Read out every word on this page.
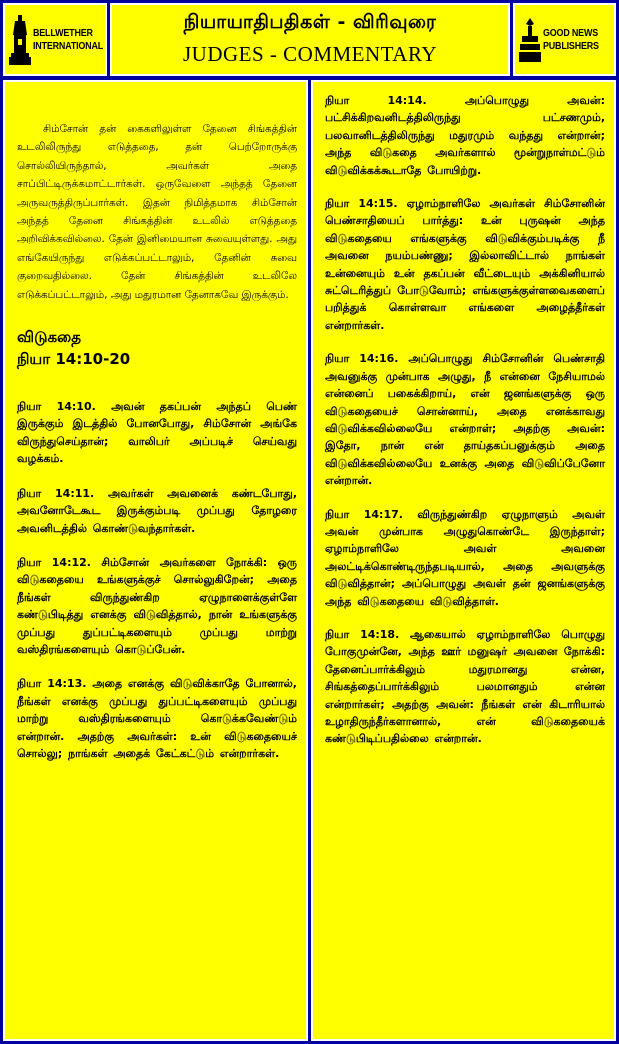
BELLWETHER
INTERNATIONAL
நியாயாதிபதிகள் - விரிவுரை
JUDGES - COMMENTARY
GOOD NEWS
PUBLISHERS

சிம்சோன் தன் கைகளிலுள்ள தேனை சிங்கத்தின் உடலிலிருந்து எடுத்ததை, தன் பெற்றோருக்கு சொல்லியிருந்தால், அவர்கள் அதை சாப்பிட்டிருக்கமாட்டார்கள். ஒருவேளை அந்தத் தேனை அருவருத்திருப்பார்கள். இதன் நிமித்தமாக சிம்சோன் அந்தத் தேனை சிங்கத்தின் உடலில் எடுத்ததை அறிவிக்கவில்லை. தேன் இனிமையான சுவையுள்ளது. அது எங்கேயிருந்து எடுக்கப்பட்டாலும், தேனின் சுவை குறைவதில்லை. தேன் சிங்கத்தின் உடலிலே எடுக்கப்பட்டாலும், அது மதுரமான தேனாகவே இருக்கும்.

விடுகதை
நியா 14:10-20

நியா 14:10. அவன் தகப்பன் அந்தப் பெண் இருக்கும் இடத்தில் போனபோது, சிம்சோன் அங்கே விருந்துசெய்தான்; வாலிபர் அப்படிச் செய்வது வழக்கம்.

நியா 14:11. அவர்கள் அவனைக் கண்டபோது, அவனோடேகூட இருக்கும்படி முப்பது தோழரை அவனிடத்தில் கொண்டுவந்தார்கள்.

நியா 14:12. சிம்சோன் அவர்களை நோக்கி: ஒரு விடுகதையை உங்களுக்குச் சொல்லுகிறேன்; அதை நீங்கள் விருந்துண்கிற ஏழுநாளைக்குள்ளே கண்டுபிடித்து எனக்கு விடுவித்தால், நான் உங்களுக்கு முப்பது துப்பட்டிகளையும் முப்பது மாற்று வஸ்திரங்களையும் கொடுப்பேன்.

நியா 14:13. அதை எனக்கு விடுவிக்காதே போனால், நீங்கள் எனக்கு முப்பது துப்பட்டிகளையும் முப்பது மாற்று வஸ்திரங்களையும் கொடுக்கவேண்டும் என்றான். அதற்கு அவர்கள்: உன் விடுகதையைச் சொல்லு; நாங்கள் அதைக் கேட்கட்டும் என்றார்கள்.

நியா 14:14. அப்பொழுது அவன்: பட்சிக்கிறவனிடத்திலிருந்து பட்சணமும், பலவானிடத்திலிருந்து மதுரமும் வந்தது என்றான்; அந்த விடுகதை அவர்களால் மூன்றுநாள்மட்டும் விடுவிக்கக்கூடாதே போயிற்று.

நியா 14:15. ஏழாம்நாளிலே அவர்கள் சிம்சோனின் பெண்சாதியைப் பார்த்து: உன் புருஷன் அந்த விடுகதையை எங்களுக்கு விடுவிக்கும்படிக்கு நீ அவனை நயம்பண்ணு; இல்லாவிட்டால் நாங்கள் உன்னையும் உன் தகப்பன் வீட்டையும் அக்கினியால் சுட்டெரித்துப் போடுவோம்; எங்களுக்குள்ளவைகளைப் பறித்துக் கொள்ளவா எங்களை அழைத்தீர்கள் என்றார்கள்.

நியா 14:16. அப்பொழுது சிம்சோனின் பெண்சாதி அவனுக்கு முன்பாக அழுது, நீ என்னை நேசியாமல் என்னைப் பகைக்கிறாய், என் ஜனங்களுக்கு ஒரு விடுகதையைச் சொன்னாய், அதை எனக்காவது விடுவிக்கவில்லையே என்றாள்; அதற்கு அவன்: இதோ, நான் என் தாய்தகப்பனுக்கும் அதை விடுவிக்கவில்லையே உனக்கு அதை விடுவிப்பேனோ என்றான்.

நியா 14:17. விருந்துண்கிற ஏழுநாளும் அவள் அவன் முன்பாக அழுதுகொண்டே இருந்தாள்; ஏழாம்நாளிலே அவள் அவனை அலட்டிக்கொண்டிருந்தபடியால், அதை அவளுக்கு விடுவித்தான்; அப்பொழுது அவள் தன் ஜனங்களுக்கு அந்த விடுகதையை விடுவித்தாள்.

நியா 14:18. ஆகையால் ஏழாம்நாளிலே பொழுது போகுமுன்னே, அந்த ஊர் மனுஷர் அவனை நோக்கி: தேனைப்பார்க்கிலும் மதுரமானது என்ன, சிங்கத்தைப்பார்க்கிலும் பலமானதும் என்ன என்றார்கள்; அதற்கு அவன்: நீங்கள் என் கிடாரியால் உழாதிருந்தீர்களானால், என் விடுகதையைக் கண்டுபிடிப்பதில்லை என்றான்.
